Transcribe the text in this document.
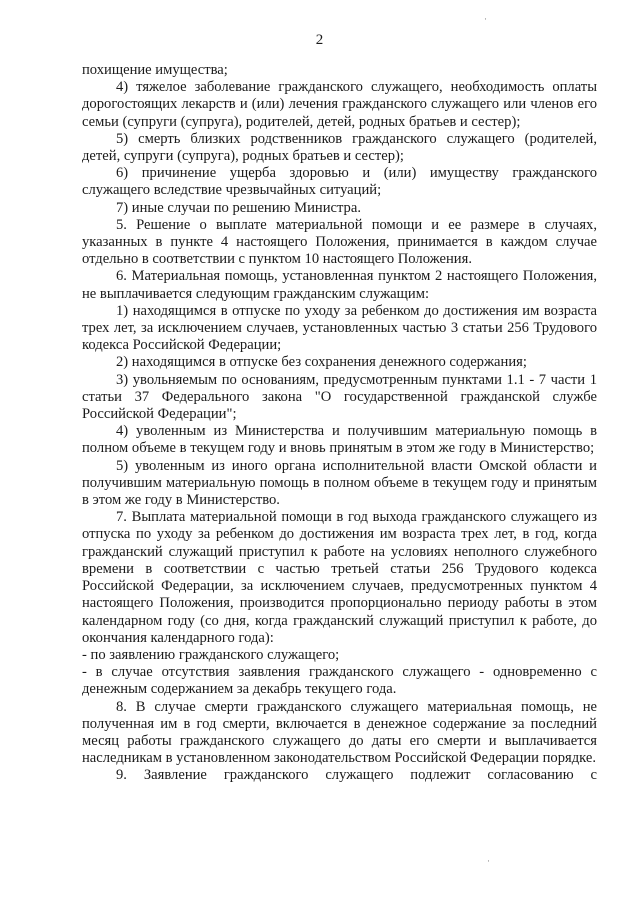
2

похищение имущества;

4) тяжелое заболевание гражданского служащего, необходимость оплаты дорогостоящих лекарств и (или) лечения гражданского служащего или членов его семьи (супруги (супруга), родителей, детей, родных братьев и сестер);

5) смерть близких родственников гражданского служащего (родителей, детей, супруги (супруга), родных братьев и сестер);

6) причинение ущерба здоровью и (или) имуществу гражданского служащего вследствие чрезвычайных ситуаций;

7) иные случаи по решению Министра.

5. Решение о выплате материальной помощи и ее размере в случаях, указанных в пункте 4 настоящего Положения, принимается в каждом случае отдельно в соответствии с пунктом 10 настоящего Положения.

6. Материальная помощь, установленная пунктом 2 настоящего Положения, не выплачивается следующим гражданским служащим:

1) находящимся в отпуске по уходу за ребенком до достижения им возраста трех лет, за исключением случаев, установленных частью 3 статьи 256 Трудового кодекса Российской Федерации;

2) находящимся в отпуске без сохранения денежного содержания;

3) увольняемым по основаниям, предусмотренным пунктами 1.1 - 7 части 1 статьи 37 Федерального закона "О государственной гражданской службе Российской Федерации";

4) уволенным из Министерства и получившим материальную помощь в полном объеме в текущем году и вновь принятым в этом же году в Министерство;

5) уволенным из иного органа исполнительной власти Омской области и получившим материальную помощь в полном объеме в текущем году и принятым в этом же году в Министерство.

7. Выплата материальной помощи в год выхода гражданского служащего из отпуска по уходу за ребенком до достижения им возраста трех лет, в год, когда гражданский служащий приступил к работе на условиях неполного служебного времени в соответствии с частью третьей статьи 256 Трудового кодекса Российской Федерации, за исключением случаев, предусмотренных пунктом 4 настоящего Положения, производится пропорционально периоду работы в этом календарном году (со дня, когда гражданский служащий приступил к работе, до окончания календарного года):

- по заявлению гражданского служащего;

- в случае отсутствия заявления гражданского служащего - одновременно с денежным содержанием за декабрь текущего года.

8. В случае смерти гражданского служащего материальная помощь, не полученная им в год смерти, включается в денежное содержание за последний месяц работы гражданского служащего до даты его смерти и выплачивается наследникам в установленном законодательством Российской Федерации порядке.

9. Заявление гражданского служащего подлежит согласованию с

·
·
